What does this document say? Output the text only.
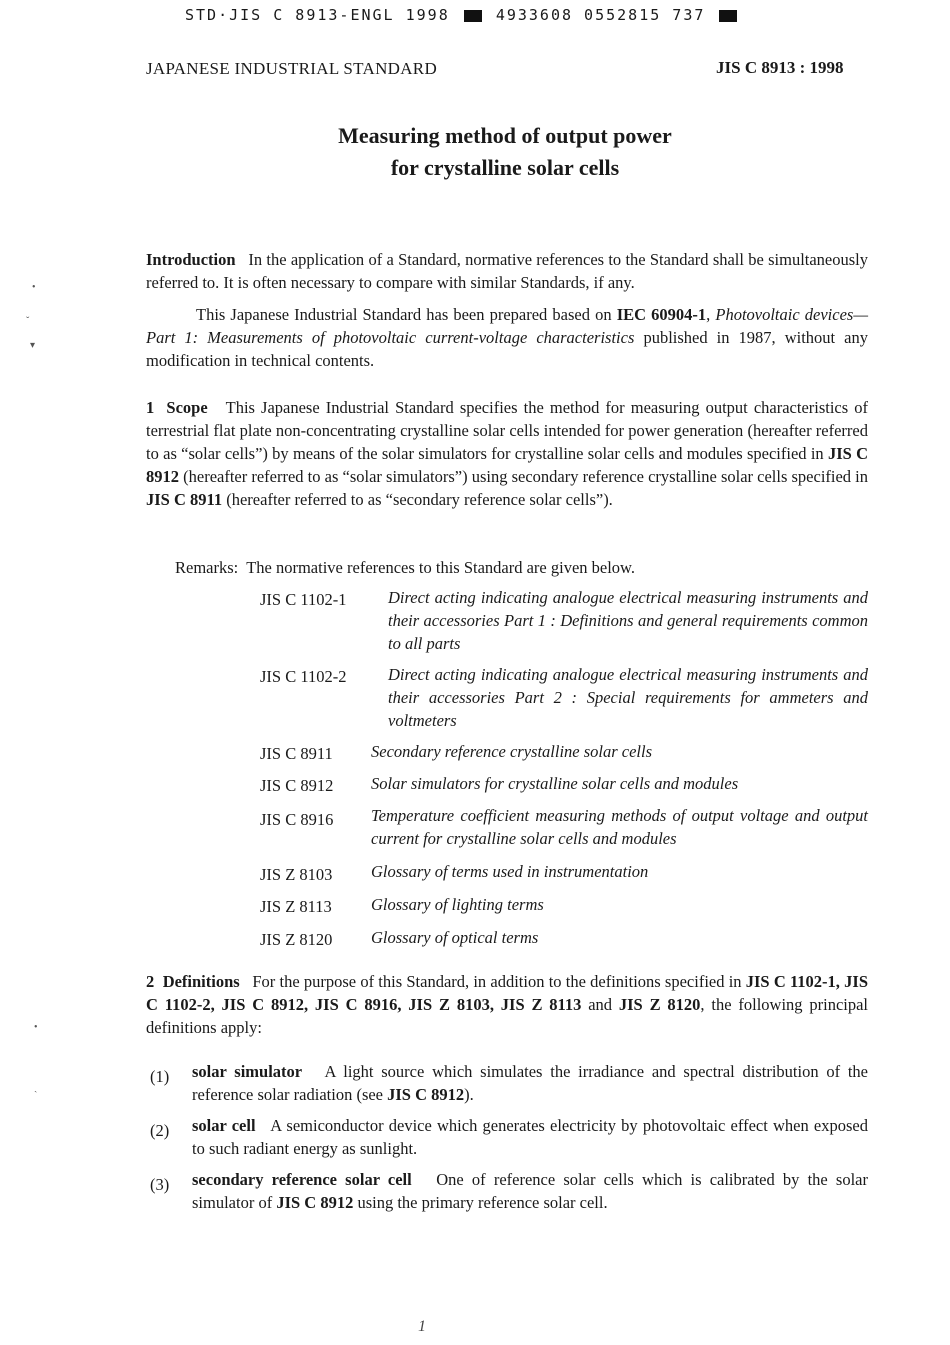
STD·JIS C 8913-ENGL 1998	4933608 0552815 737
JAPANESE INDUSTRIAL STANDARD	JIS C 8913 : 1998
Measuring method of output power
for crystalline solar cells
Introduction In the application of a Standard, normative references to the Standard shall be simultaneously referred to. It is often necessary to compare with similar Standards, if any.
This Japanese Industrial Standard has been prepared based on IEC 60904-1, Photovoltaic devices—Part 1: Measurements of photovoltaic current-voltage characteristics published in 1987, without any modification in technical contents.
1 Scope This Japanese Industrial Standard specifies the method for measuring output characteristics of terrestrial flat plate non-concentrating crystalline solar cells intended for power generation (hereafter referred to as “solar cells”) by means of the solar simulators for crystalline solar cells and modules specified in JIS C 8912 (hereafter referred to as “solar simulators”) using secondary reference crystalline solar cells specified in JIS C 8911 (hereafter referred to as “secondary reference solar cells”).
Remarks: The normative references to this Standard are given below.
JIS C 1102-1	Direct acting indicating analogue electrical measuring instruments and their accessories Part 1 : Definitions and general requirements common to all parts
JIS C 1102-2	Direct acting indicating analogue electrical measuring instruments and their accessories Part 2 : Special requirements for ammeters and voltmeters
JIS C 8911 Secondary reference crystalline solar cells
JIS C 8912 Solar simulators for crystalline solar cells and modules
JIS C 8916 Temperature coefficient measuring methods of output voltage and output current for crystalline solar cells and modules
JIS Z 8103 Glossary of terms used in instrumentation
JIS Z 8113 Glossary of lighting terms
JIS Z 8120 Glossary of optical terms
2 Definitions For the purpose of this Standard, in addition to the definitions specified in JIS C 1102-1, JIS C 1102-2, JIS C 8912, JIS C 8916, JIS Z 8103, JIS Z 8113 and JIS Z 8120, the following principal definitions apply:
(1) solar simulator A light source which simulates the irradiance and spectral distribution of the reference solar radiation (see JIS C 8912).
(2) solar cell A semiconductor device which generates electricity by photovoltaic effect when exposed to such radiant energy as sunlight.
(3) secondary reference solar cell One of reference solar cells which is calibrated by the solar simulator of JIS C 8912 using the primary reference solar cell.
•
ˇ
▾
•
ˎ
1
